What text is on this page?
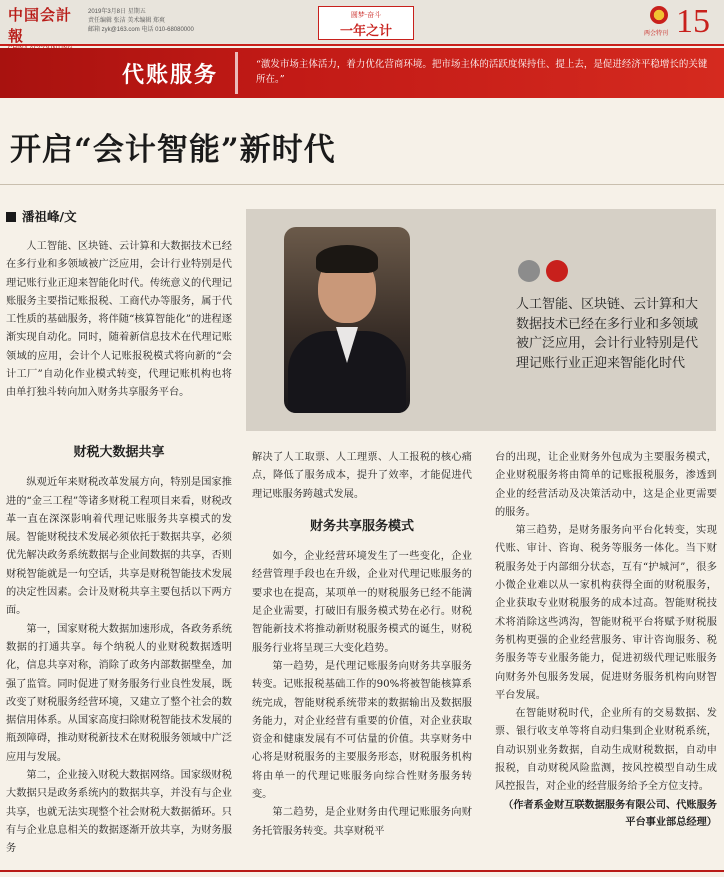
中国会計報
2019年3月8日 星期五
责任编辑 张洁 美术编辑 郑爽
邮箱 zyk@163.com 电话 010-68080000
圆梦·奋斗
一年之计	两会特刊 15
代账服务	“激发市场主体活力，着力优化营商环境。把市场主体的活跃度保持住、提上去，是促进经济平稳增长的关键所在。”
开启“会计智能”新时代
潘祖峰/文
人工智能、区块链、云计算和大数据技术已经在多行业和多领域被广泛应用，会计行业特别是代理记账行业正迎来智能化时代

人工智能、区块链、云计算和大数据技术已经在多行业和多领域被广泛应用，会计行业特别是代理记账行业正迎来智能化时代。传统意义的代理记账服务主要指记账报税、工商代办等服务，属于代工性质的基础服务，将伴随“核算智能化”的进程逐渐实现自动化。同时，随着新信息技术在代理记账领域的应用，会计个人记账报税模式将向新的“会计工厂”自动化作业模式转变，代理记账机构也将由单打独斗转向加入财务共享服务平台。

财税大数据共享

纵观近年来财税改革发展方向，特别是国家推进的“金三工程”等诸多财税工程项目来看，财税改革一直在深深影响着代理记账服务共享模式的发展。智能财税技术发展必须依托于数据共享，必须优先解决政务系统数据与企业间数据的共享，否则财税智能就是一句空话，共享是财税智能技术发展的决定性因素。会计及财税共享主要包括以下两方面。

第一，国家财税大数据加速形成，各政务系统数据的打通共享。每个纳税人的业财税数据透明化，信息共享对称，消除了政务内部数据壁垒，加强了监管。同时促进了财务服务行业良性发展，既改变了财税服务经营环境，又建立了整个社会的数据信用体系。从国家高度扫除财税智能技术发展的瓶颈障碍，推动财税新技术在财税服务领域中广泛应用与发展。

第二，企业接入财税大数据网络。国家级财税大数据只是政务系统内的数据共享，并没有与企业共享，也就无法实现整个社会财税大数据循环。只有与企业息息相关的数据逐渐开放共享，为财务服务

解决了人工取票、人工理票、人工报税的核心痛点，降低了服务成本，提升了效率，才能促进代理记账服务跨越式发展。

财务共享服务模式

如今，企业经营环境发生了一些变化，企业经营管理手段也在升级，企业对代理记账服务的要求也在提高，某项单一的财税服务已经不能满足企业需要，打破旧有服务模式势在必行。财税智能新技术将推动新财税服务模式的诞生，财税服务行业将呈现三大变化趋势。

第一趋势，是代理记账服务向财务共享服务转变。记账报税基础工作的90%将被智能核算系统完成，智能财税系统带来的数据输出及数据服务能力，对企业经营有重要的价值，对企业获取资金和健康发展有不可估量的价值。共享财务中心将是财税服务的主要服务形态，财税服务机构将由单一的代理记账服务向综合性财务服务转变。

第二趋势，是企业财务由代理记账服务向财务托管服务转变。共享财税平

台的出现，让企业财务外包成为主要服务模式，企业财税服务将由简单的记账报税服务，渗透到企业的经营活动及决策活动中，这是企业更需要的服务。

第三趋势，是财务服务向平台化转变，实现代账、审计、咨询、税务等服务一体化。当下财税服务处于内部细分状态，互有“护城河”，很多小微企业难以从一家机构获得全面的财税服务，企业获取专业财税服务的成本过高。智能财税技术将消除这些鸿沟，智能财税平台将赋予财税服务机构更强的企业经营服务、审计咨询服务、税务服务等专业服务能力，促进初级代理记账服务向财务外包服务发展，促进财务服务机构向财智平台发展。

在智能财税时代，企业所有的交易数据、发票、银行收支单等将自动归集到企业财税系统，自动识别业务数据，自动生成财税数据，自动申报税，自动财税风险监测，按风控模型自动生成风控报告，对企业的经营服务给予全方位支持。

（作者系金财互联数据服务有限公司、代账服务平台事业部总经理）
